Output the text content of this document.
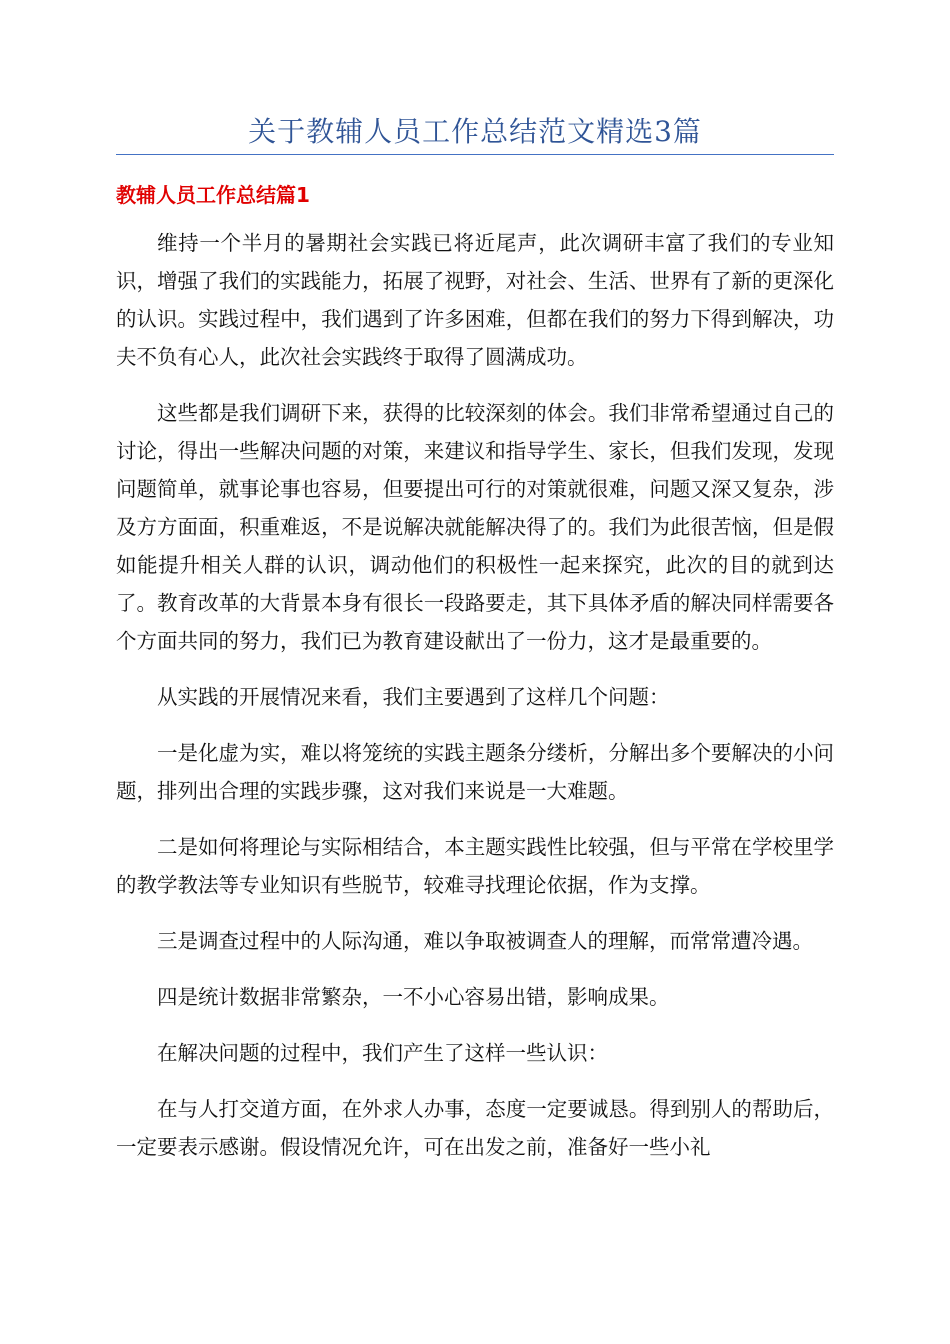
关于教辅人员工作总结范文精选3篇
教辅人员工作总结篇1

维持一个半月的暑期社会实践已将近尾声，此次调研丰富了我们的专业知识，增强了我们的实践能力，拓展了视野，对社会、生活、世界有了新的更深化的认识。实践过程中，我们遇到了许多困难，但都在我们的努力下得到解决，功夫不负有心人，此次社会实践终于取得了圆满成功。

这些都是我们调研下来，获得的比较深刻的体会。我们非常希望通过自己的讨论，得出一些解决问题的对策，来建议和指导学生、家长，但我们发现，发现问题简单，就事论事也容易，但要提出可行的对策就很难，问题又深又复杂，涉及方方面面，积重难返，不是说解决就能解决得了的。我们为此很苦恼，但是假如能提升相关人群的认识，调动他们的积极性一起来探究，此次的目的就到达了。教育改革的大背景本身有很长一段路要走，其下具体矛盾的解决同样需要各个方面共同的努力，我们已为教育建设献出了一份力，这才是最重要的。

从实践的开展情况来看，我们主要遇到了这样几个问题：

一是化虚为实，难以将笼统的实践主题条分缕析，分解出多个要解决的小问题，排列出合理的实践步骤，这对我们来说是一大难题。

二是如何将理论与实际相结合，本主题实践性比较强，但与平常在学校里学的教学教法等专业知识有些脱节，较难寻找理论依据，作为支撑。

三是调查过程中的人际沟通，难以争取被调查人的理解，而常常遭冷遇。

四是统计数据非常繁杂，一不小心容易出错，影响成果。

在解决问题的过程中，我们产生了这样一些认识：

在与人打交道方面，在外求人办事，态度一定要诚恳。得到别人的帮助后，一定要表示感谢。假设情况允许，可在出发之前，准备好一些小礼
